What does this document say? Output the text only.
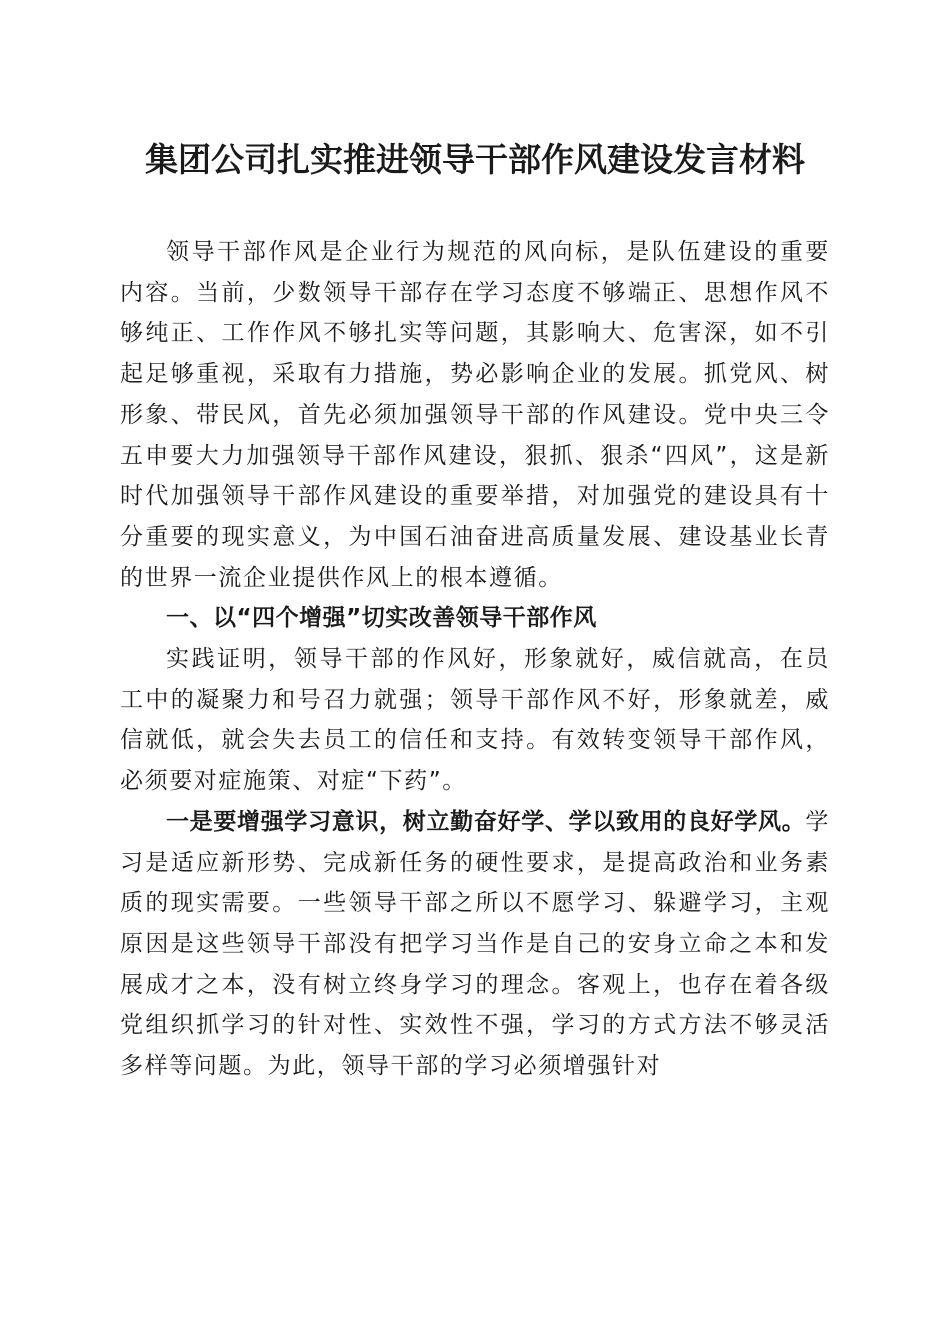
集团公司扎实推进领导干部作风建设发言材料

领导干部作风是企业行为规范的风向标，是队伍建设的重要内容。当前，少数领导干部存在学习态度不够端正、思想作风不够纯正、工作作风不够扎实等问题，其影响大、危害深，如不引起足够重视，采取有力措施，势必影响企业的发展。抓党风、树形象、带民风，首先必须加强领导干部的作风建设。党中央三令五申要大力加强领导干部作风建设，狠抓、狠杀“四风”，这是新时代加强领导干部作风建设的重要举措，对加强党的建设具有十分重要的现实意义，为中国石油奋进高质量发展、建设基业长青的世界一流企业提供作风上的根本遵循。

一、以“四个增强”切实改善领导干部作风

实践证明，领导干部的作风好，形象就好，威信就高，在员工中的凝聚力和号召力就强；领导干部作风不好，形象就差，威信就低，就会失去员工的信任和支持。有效转变领导干部作风，必须要对症施策、对症“下药”。

一是要增强学习意识，树立勤奋好学、学以致用的良好学风。学习是适应新形势、完成新任务的硬性要求，是提高政治和业务素质的现实需要。一些领导干部之所以不愿学习、躲避学习，主观原因是这些领导干部没有把学习当作是自己的安身立命之本和发展成才之本，没有树立终身学习的理念。客观上，也存在着各级党组织抓学习的针对性、实效性不强，学习的方式方法不够灵活多样等问题。为此，领导干部的学习必须增强针对
